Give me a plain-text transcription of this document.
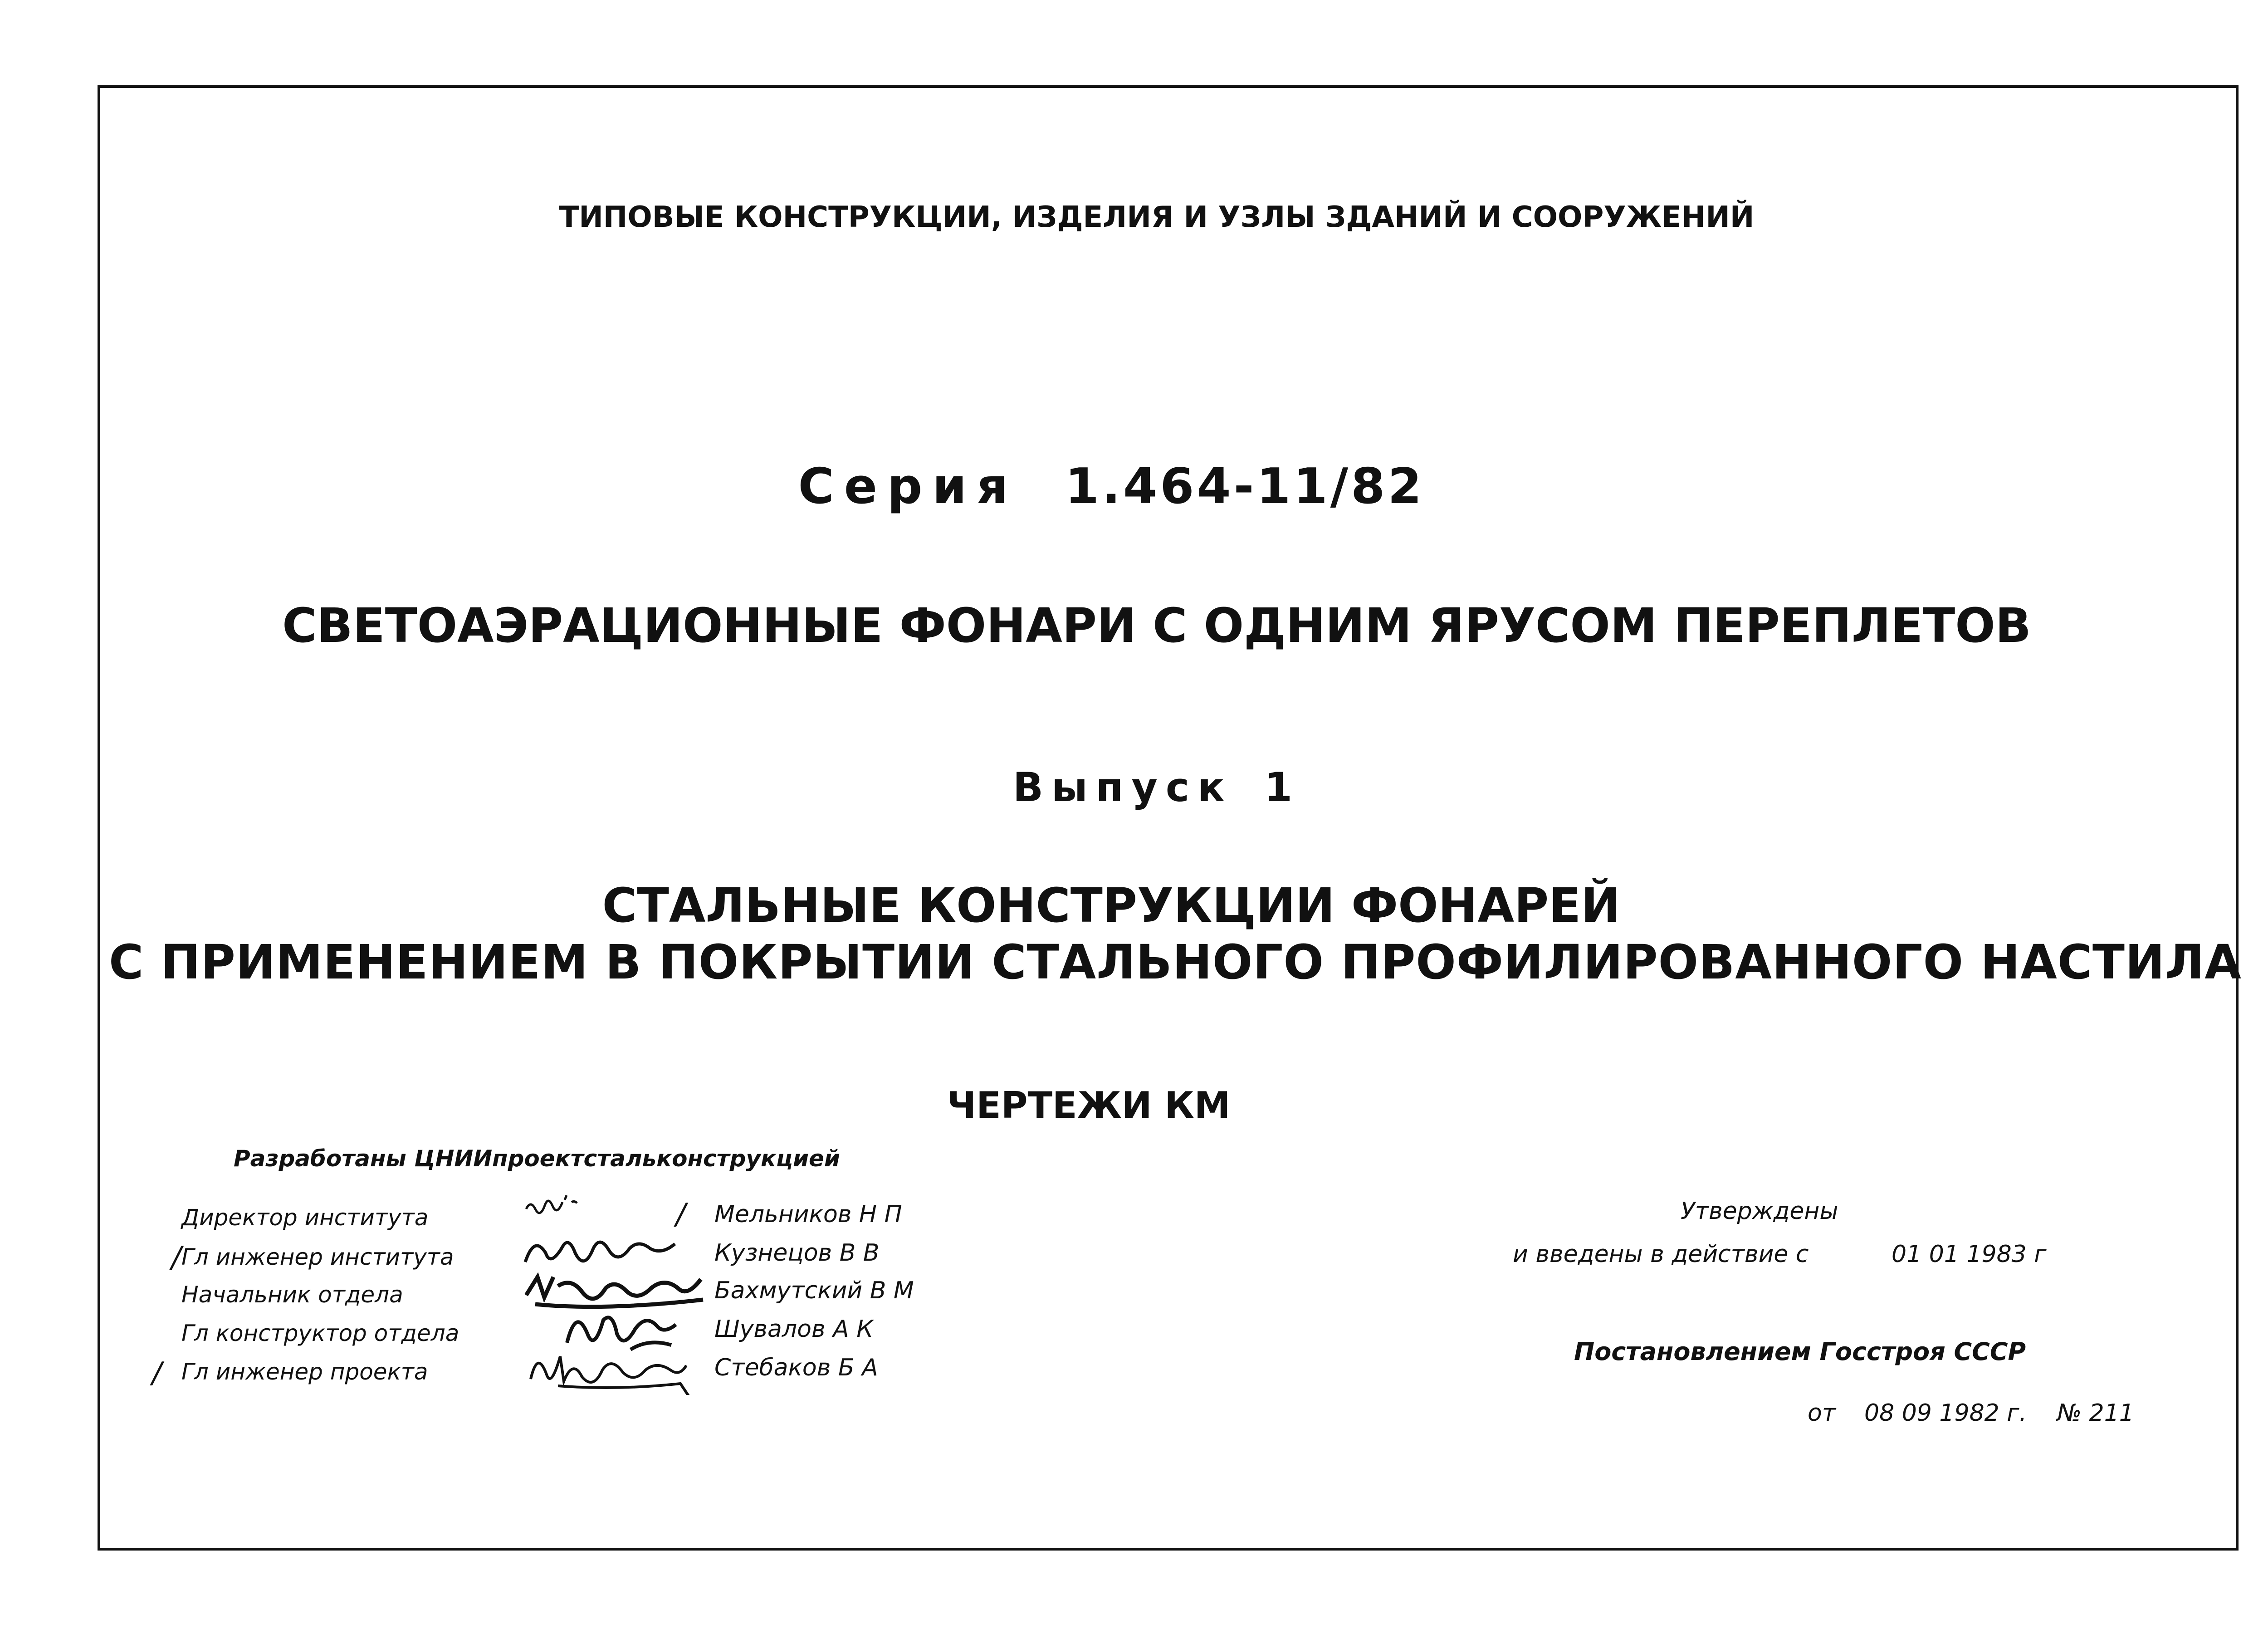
ТИПОВЫЕ КОНСТРУКЦИИ, ИЗДЕЛИЯ И УЗЛЫ ЗДАНИЙ И СООРУЖЕНИЙ
Серия 1.464-11/82
СВЕТОАЭРАЦИОННЫЕ ФОНАРИ С ОДНИМ ЯРУСОМ ПЕРЕПЛЕТОВ
Выпуск 1
СТАЛЬНЫЕ КОНСТРУКЦИИ ФОНАРЕЙ
С ПРИМЕНЕНИЕМ В ПОКРЫТИИ СТАЛЬНОГО ПРОФИЛИРОВАННОГО НАСТИЛА
ЧЕРТЕЖИ КМ
Разработаны ЦНИИпроектстальконструкцией
Директор института
Гл инженер института
Начальник отдела
Гл конструктор отдела
Гл инженер проекта
/
/
/ Мельников Н П
Кузнецов В В
Бахмутский В М
Шувалов А К
Стебаков Б А
Утверждены
и введены в действие с	01 01 1983 г
Постановлением Госстроя СССР
от 08 09 1982 г. № 211
